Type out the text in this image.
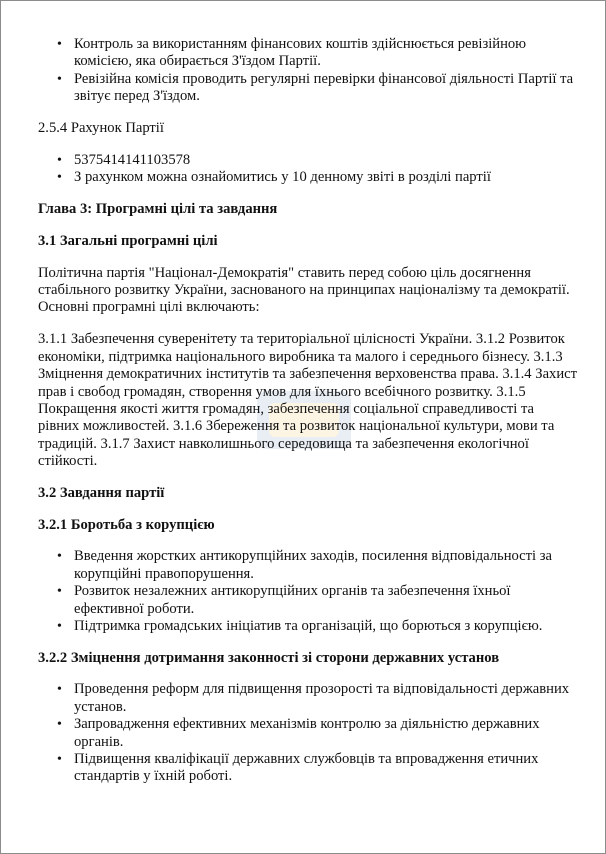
• Контроль за використанням фінансових коштів здійснюється ревізійною комісією, яка обирається З'їздом Партії.
• Ревізійна комісія проводить регулярні перевірки фінансової діяльності Партії та звітує перед З'їздом.

2.5.4 Рахунок Партії

• 5375414141103578
• З рахунком можна ознайомитись у 10 денному звіті в розділі партії

Глава 3: Програмні цілі та завдання

3.1 Загальні програмні цілі

Політична партія "Націонал-Демократія" ставить перед собою ціль досягнення стабільного розвитку України, заснованого на принципах націоналізму та демократії. Основні програмні цілі включають:

3.1.1 Забезпечення суверенітету та територіальної цілісності України. 3.1.2 Розвиток економіки, підтримка національного виробника та малого і середнього бізнесу. 3.1.3 Зміцнення демократичних інститутів та забезпечення верховенства права. 3.1.4 Захист прав і свобод громадян, створення умов для їхнього всебічного розвитку. 3.1.5 Покращення якості життя громадян, забезпечення соціальної справедливості та рівних можливостей. 3.1.6 Збереження та розвиток національної культури, мови та традицій. 3.1.7 Захист навколишнього середовища та забезпечення екологічної стійкості.

3.2 Завдання партії

3.2.1 Боротьба з корупцією

• Введення жорстких антикорупційних заходів, посилення відповідальності за корупційні правопорушення.
• Розвиток незалежних антикорупційних органів та забезпечення їхньої ефективної роботи.
• Підтримка громадських ініціатив та організацій, що борються з корупцією.

3.2.2 Зміцнення дотримання законності зі сторони державних установ

• Проведення реформ для підвищення прозорості та відповідальності державних установ.
• Запровадження ефективних механізмів контролю за діяльністю державних органів.
• Підвищення кваліфікації державних службовців та впровадження етичних стандартів у їхній роботі.
